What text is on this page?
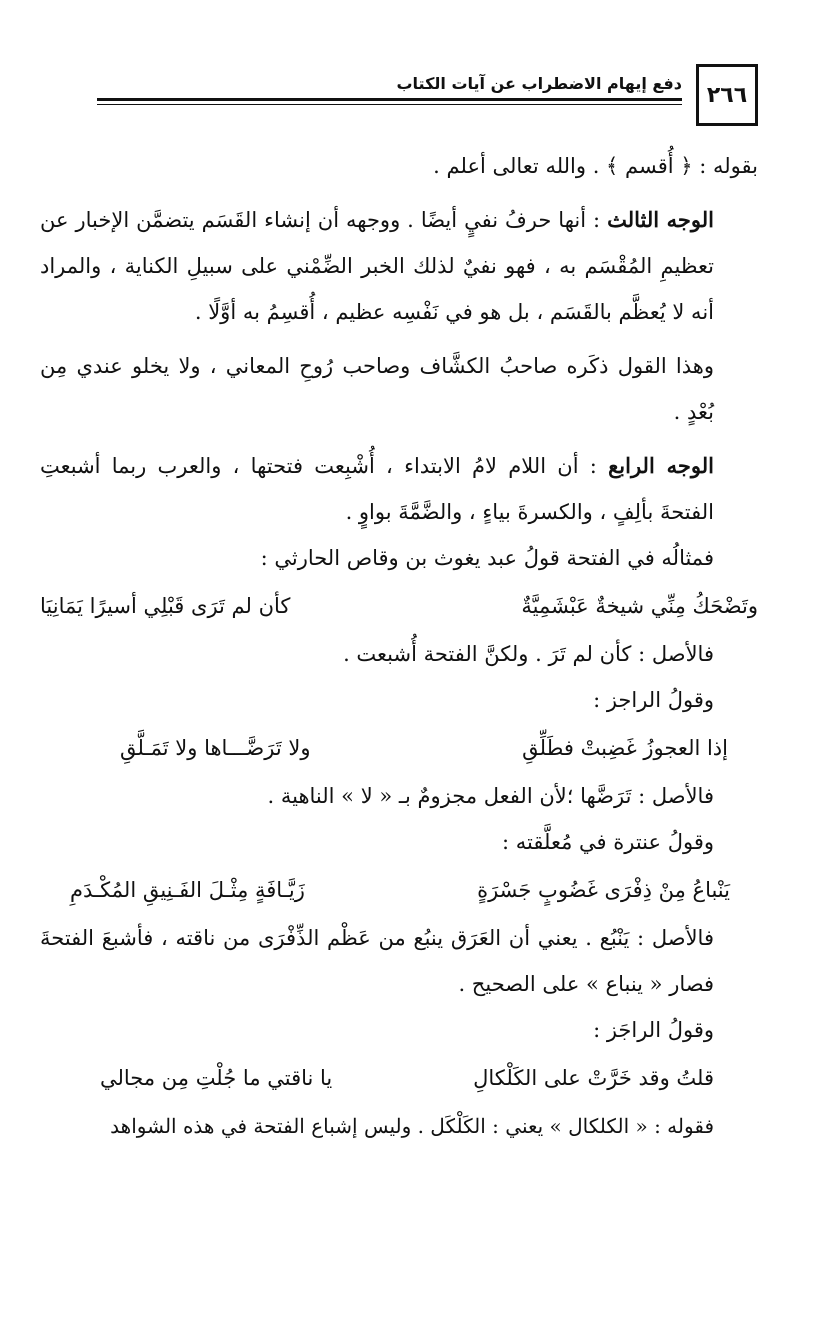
٢٦٦
دفع إيهام الاضطراب عن آيات الكتاب

بقوله : ﴿ أُقسم ﴾ . والله تعالى أعلم .

الوجه الثالث : أنها حرفُ نفيٍ أيضًا . ووجهه أن إنشاء القَسَم يتضمَّن الإخبار عن تعظيمِ المُقْسَم به ، فهو نفيٌ لذلك الخبر الضِّمْني على سبيلِ الكناية ، والمراد أنه لا يُعظَّم بالقَسَم ، بل هو في نَفْسِه عظيم ، أُقسِمُ به أوَّلًا .

وهذا القول ذكَره صاحبُ الكشَّاف وصاحب رُوحِ المعاني ، ولا يخلو عندي مِن بُعْدٍ .

الوجه الرابع : أن اللام لامُ الابتداء ، أُشْبِعت فتحتها ، والعرب ربما أشبعتِ الفتحةَ بألِفٍ ، والكسرةَ بياءٍ ، والضَّمَّةَ بواوٍ .

فمثالُه في الفتحة قولُ عبد يغوث بن وقاص الحارثي :

وتَضْحَكُ مِنِّي شيخةٌ عَبْشَمِيَّةٌ
كأن لم تَرَى قَبْلِي أسيرًا يَمَانِيَا

فالأصل : كأن لم تَرَ . ولكنَّ الفتحة أُشبعت .

وقولُ الراجز :

إذا العجوزُ غَضِبتْ فطَلِّقِ
ولا تَرَضَّـــاها ولا تَمَـلَّقِ

فالأصل : تَرَضَّها ؛لأن الفعل مجزومٌ بـ « لا » الناهية .

وقولُ عنترة في مُعلَّقته :

يَنْباعُ مِنْ ذِفْرَى غَضُوبٍ جَسْرَةٍ
زَيَّـافَةٍ مِثْـلَ الفَـنِيقِ المُكْـدَمِ

فالأصل : يَنْبُع . يعني أن العَرَق ينبُع من عَظْم الذِّفْرَى من ناقته ، فأشبعَ الفتحةَ فصار « ينباع » على الصحيح .

وقولُ الراجَز :

قلتُ وقد خَرَّتْ على الكَلْكالِ
يا ناقتي ما جُلْتِ مِن مجالي

فقوله : « الكلكال » يعني : الكَلْكَل . وليس إشباع الفتحة في هذه الشواهد
